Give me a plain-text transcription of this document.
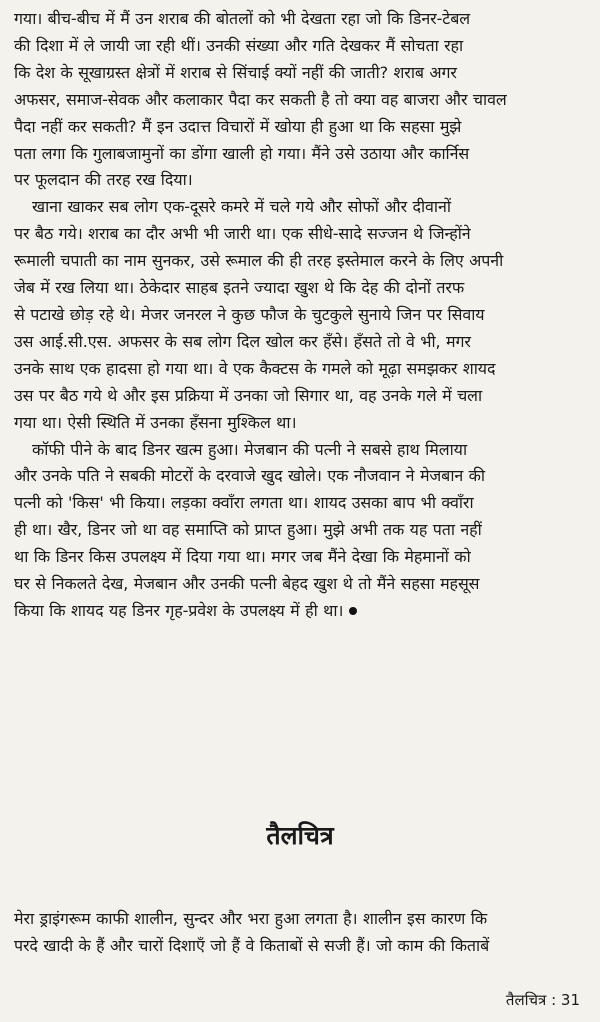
गया। बीच-बीच में मैं उन शराब की बोतलों को भी देखता रहा जो कि डिनर-टेबल
की दिशा में ले जायी जा रही थीं। उनकी संख्या और गति देखकर मैं सोचता रहा
कि देश के सूखाग्रस्त क्षेत्रों में शराब से सिंचाई क्यों नहीं की जाती? शराब अगर
अफसर, समाज-सेवक और कलाकार पैदा कर सकती है तो क्या वह बाजरा और चावल
पैदा नहीं कर सकती? मैं इन उदात्त विचारों में खोया ही हुआ था कि सहसा मुझे
पता लगा कि गुलाबजामुनों का डोंगा खाली हो गया। मैंने उसे उठाया और कार्निस
पर फूलदान की तरह रख दिया।

खाना खाकर सब लोग एक-दूसरे कमरे में चले गये और सोफों और दीवानों
पर बैठ गये। शराब का दौर अभी भी जारी था। एक सीधे-सादे सज्जन थे जिन्होंने
रूमाली चपाती का नाम सुनकर, उसे रूमाल की ही तरह इस्तेमाल करने के लिए अपनी
जेब में रख लिया था। ठेकेदार साहब इतने ज्यादा खुश थे कि देह की दोनों तरफ
से पटाखे छोड़ रहे थे। मेजर जनरल ने कुछ फौज के चुटकुले सुनाये जिन पर सिवाय
उस आई.सी.एस. अफसर के सब लोग दिल खोल कर हँसे। हँसते तो वे भी, मगर
उनके साथ एक हादसा हो गया था। वे एक कैक्टस के गमले को मूढ़ा समझकर शायद
उस पर बैठ गये थे और इस प्रक्रिया में उनका जो सिगार था, वह उनके गले में चला
गया था। ऐसी स्थिति में उनका हँसना मुश्किल था।

कॉफी पीने के बाद डिनर खत्म हुआ। मेजबान की पत्नी ने सबसे हाथ मिलाया
और उनके पति ने सबकी मोटरों के दरवाजे खुद खोले। एक नौजवान ने मेजबान की
पत्नी को 'किस' भी किया। लड़का क्वाँरा लगता था। शायद उसका बाप भी क्वाँरा
ही था। खैर, डिनर जो था वह समाप्ति को प्राप्त हुआ। मुझे अभी तक यह पता नहीं
था कि डिनर किस उपलक्ष्य में दिया गया था। मगर जब मैंने देखा कि मेहमानों को
घर से निकलते देख, मेजबान और उनकी पत्नी बेहद खुश थे तो मैंने सहसा महसूस
किया कि शायद यह डिनर गृह-प्रवेश के उपलक्ष्य में ही था।

तैलचित्र

मेरा ड्राइंगरूम काफी शालीन, सुन्दर और भरा हुआ लगता है। शालीन इस कारण कि
परदे खादी के हैं और चारों दिशाएँ जो हैं वे किताबों से सजी हैं। जो काम की किताबें

तैलचित्र : 31
